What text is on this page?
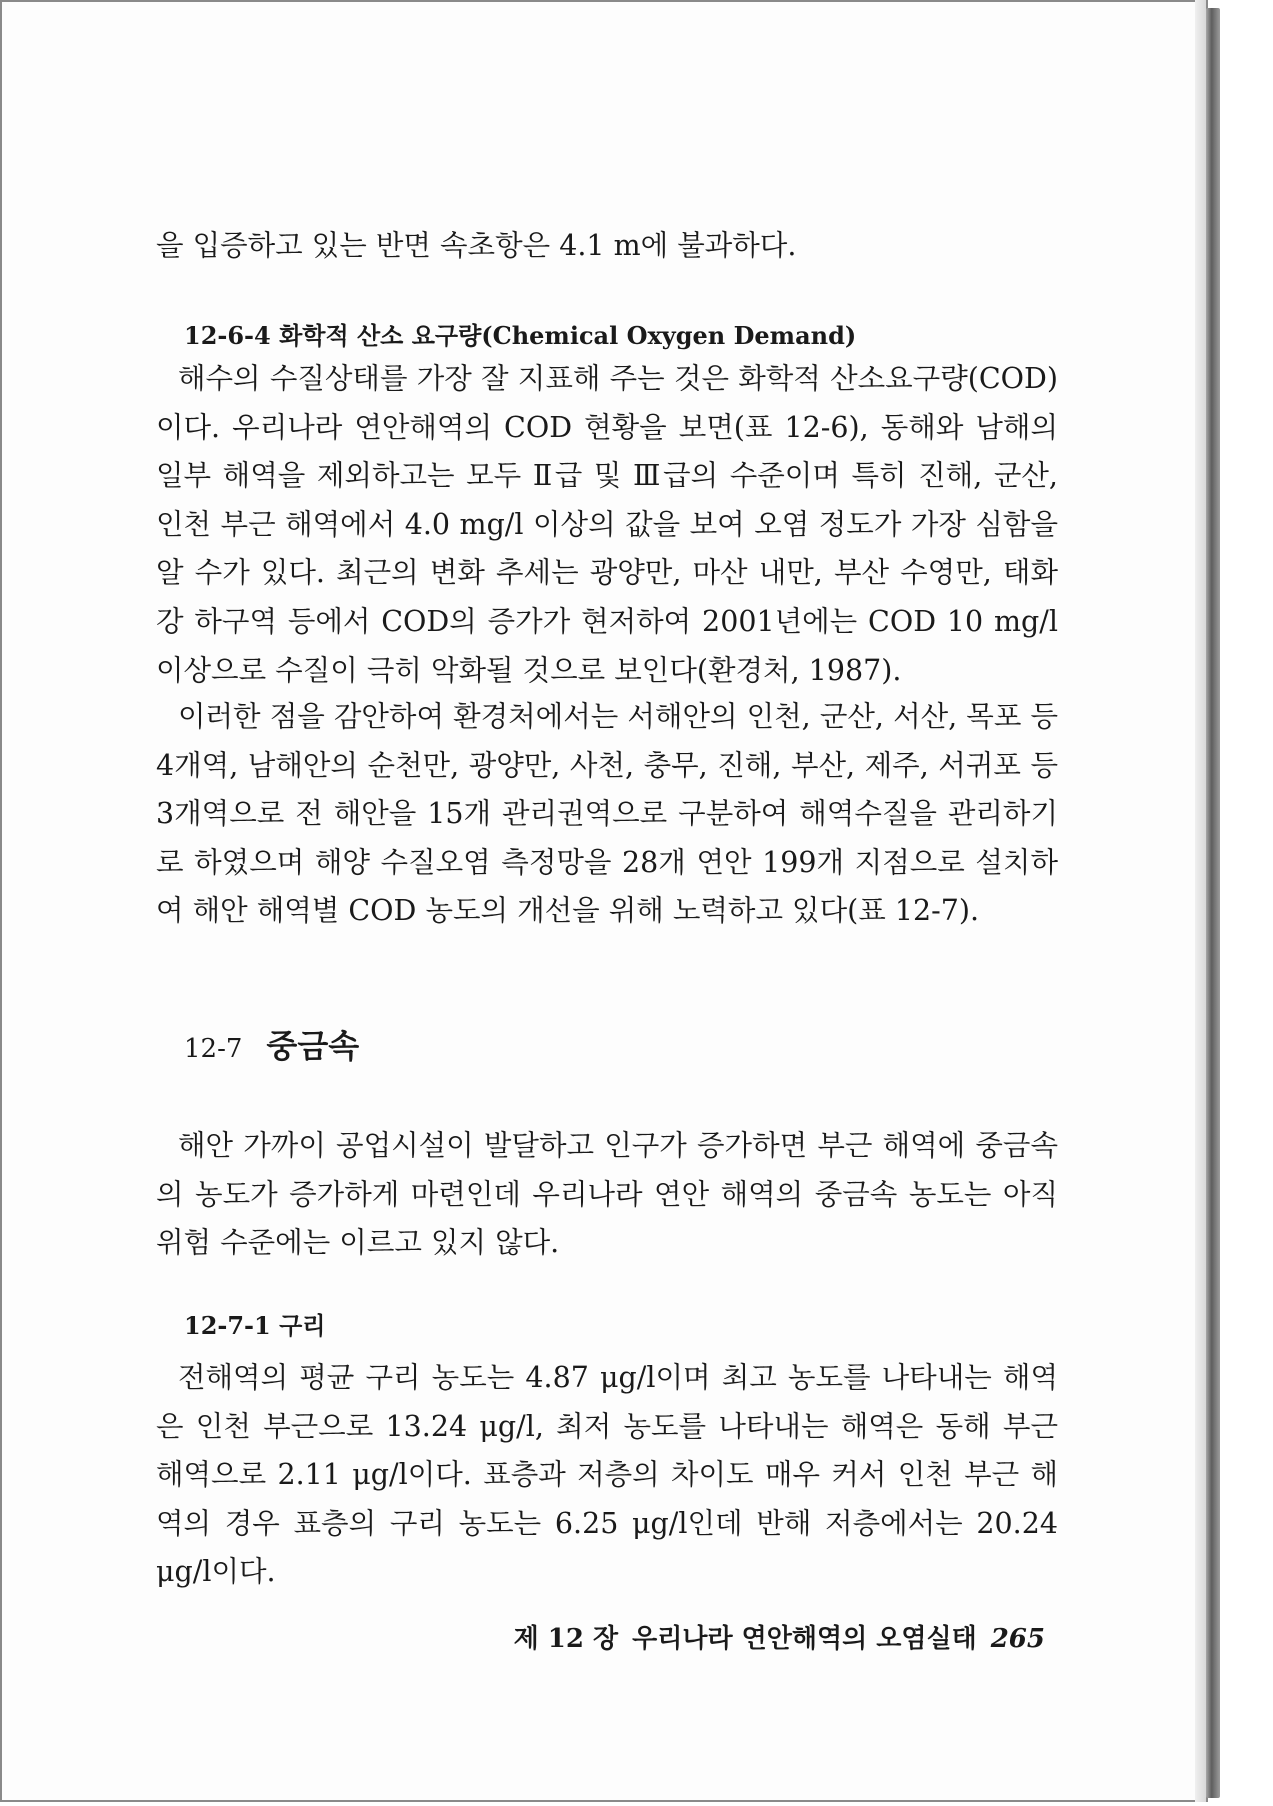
을 입증하고 있는 반면 속초항은 4.1 m에 불과하다.

12-6-4 화학적 산소 요구량(Chemical Oxygen Demand)

해수의 수질상태를 가장 잘 지표해 주는 것은 화학적 산소요구량(COD)이다. 우리나라 연안해역의 COD 현황을 보면(표 12-6), 동해와 남해의 일부 해역을 제외하고는 모두 Ⅱ급 및 Ⅲ급의 수준이며 특히 진해, 군산, 인천 부근 해역에서 4.0 mg/l 이상의 값을 보여 오염 정도가 가장 심함을 알 수가 있다. 최근의 변화 추세는 광양만, 마산 내만, 부산 수영만, 태화강 하구역 등에서 COD의 증가가 현저하여 2001년에는 COD 10 mg/l 이상으로 수질이 극히 악화될 것으로 보인다(환경처, 1987).

이러한 점을 감안하여 환경처에서는 서해안의 인천, 군산, 서산, 목포 등 4개역, 남해안의 순천만, 광양만, 사천, 충무, 진해, 부산, 제주, 서귀포 등 3개역으로 전 해안을 15개 관리권역으로 구분하여 해역수질을 관리하기로 하였으며 해양 수질오염 측정망을 28개 연안 199개 지점으로 설치하여 해안 해역별 COD 농도의 개선을 위해 노력하고 있다(표 12-7).

12-7 중금속

해안 가까이 공업시설이 발달하고 인구가 증가하면 부근 해역에 중금속의 농도가 증가하게 마련인데 우리나라 연안 해역의 중금속 농도는 아직 위험 수준에는 이르고 있지 않다.

12-7-1 구리

전해역의 평균 구리 농도는 4.87 μg/l이며 최고 농도를 나타내는 해역은 인천 부근으로 13.24 μg/l, 최저 농도를 나타내는 해역은 동해 부근 해역으로 2.11 μg/l이다. 표층과 저층의 차이도 매우 커서 인천 부근 해역의 경우 표층의 구리 농도는 6.25 μg/l인데 반해 저층에서는 20.24 μg/l이다.

제 12 장 우리나라 연안해역의 오염실태 265
